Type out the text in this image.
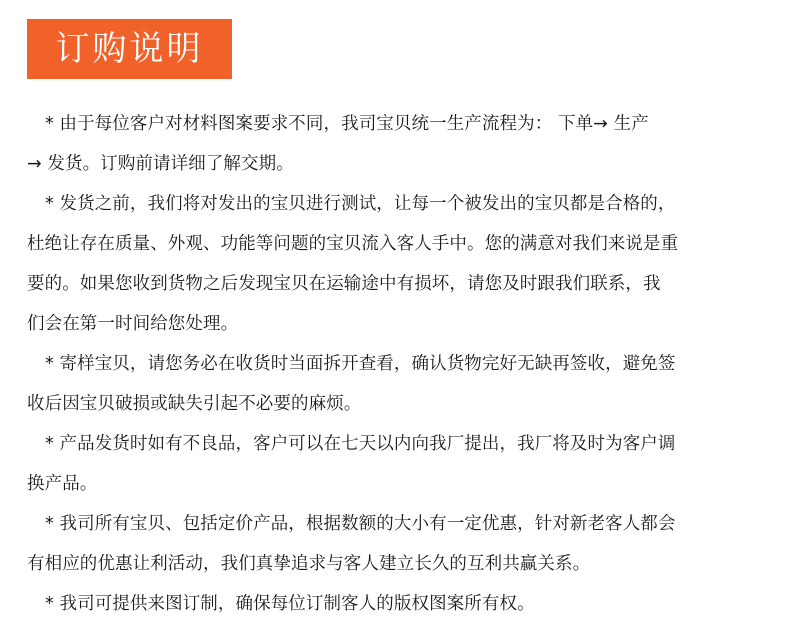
订购说明

* 由于每位客户对材料图案要求不同，我司宝贝统一生产流程为： 下单→ 生产
→ 发货。订购前请详细了解交期。

* 发货之前，我们将对发出的宝贝进行测试，让每一个被发出的宝贝都是合格的，
杜绝让存在质量、外观、功能等问题的宝贝流入客人手中。您的满意对我们来说是重
要的。如果您收到货物之后发现宝贝在运输途中有损坏，请您及时跟我们联系，我
们会在第一时间给您处理。

* 寄样宝贝，请您务必在收货时当面拆开查看，确认货物完好无缺再签收，避免签
收后因宝贝破损或缺失引起不必要的麻烦。

* 产品发货时如有不良品，客户可以在七天以内向我厂提出，我厂将及时为客户调
换产品。

* 我司所有宝贝、包括定价产品，根据数额的大小有一定优惠，针对新老客人都会
有相应的优惠让利活动，我们真挚追求与客人建立长久的互利共赢关系。

* 我司可提供来图订制，确保每位订制客人的版权图案所有权。
